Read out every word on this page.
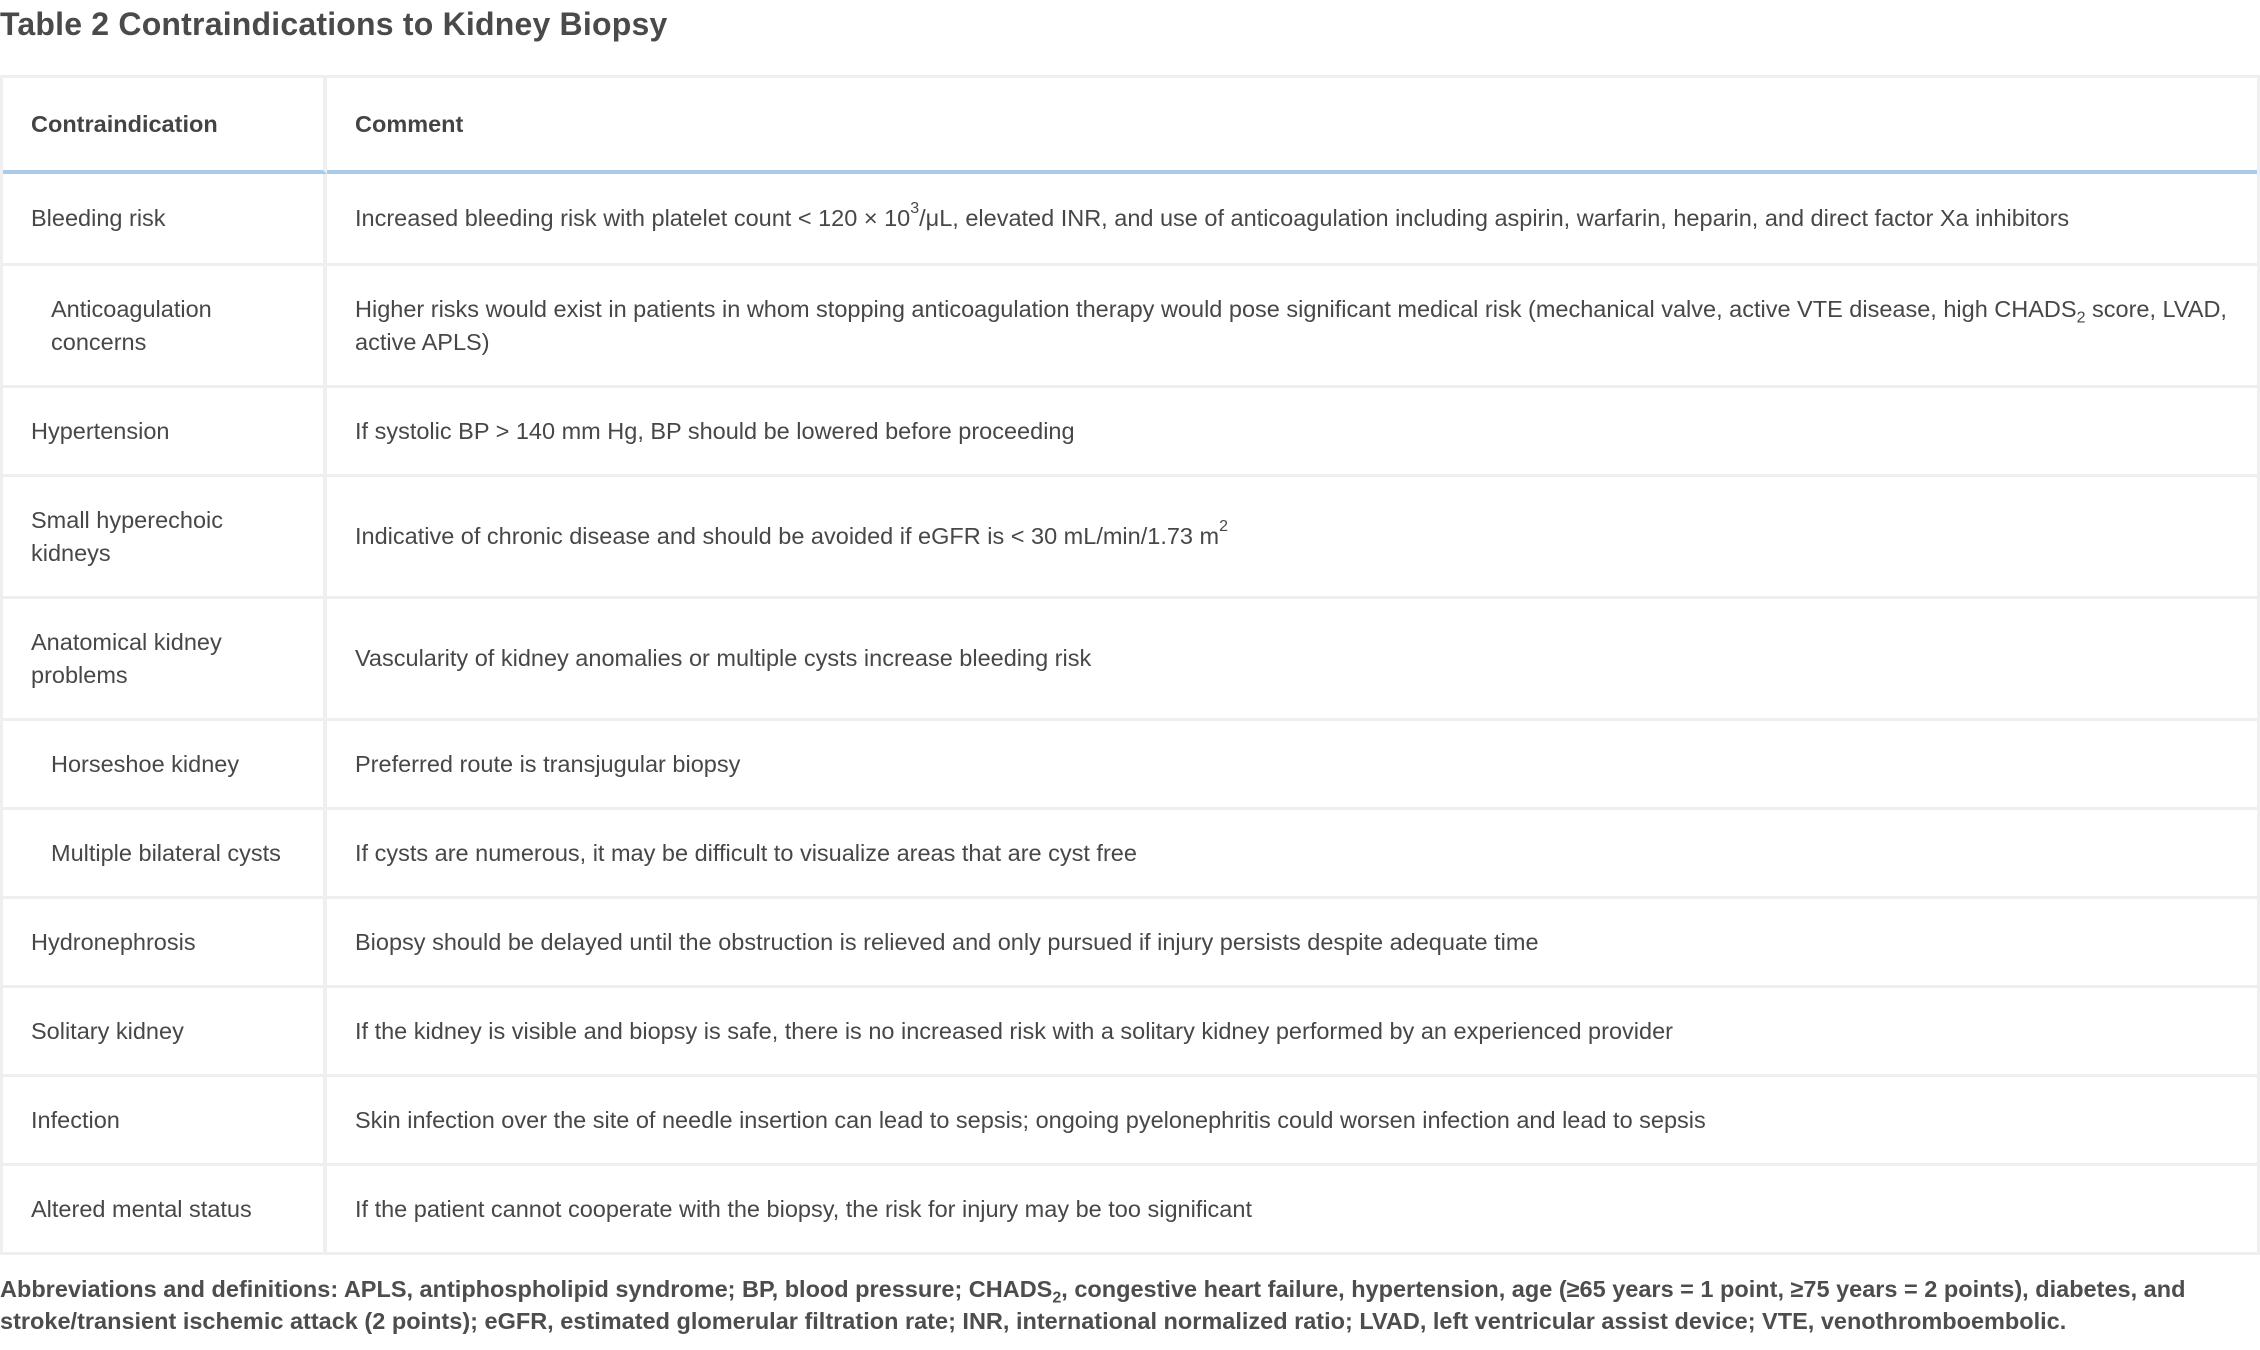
Table 2 Contraindications to Kidney Biopsy
Contraindication	Comment
Bleeding risk	Increased bleeding risk with platelet count < $120 \times 10^3/\mu L$, elevated INR, and use of anticoagulation including aspirin, warfarin, heparin, and direct factor Xa inhibitors
Anticoagulation concerns	Higher risks would exist in patients in whom stopping anticoagulation therapy would pose significant medical risk (mechanical valve, active VTE disease, high $CHADS_2$ score, LVAD, active APLS)
Hypertension	If systolic BP > 140 mm Hg, BP should be lowered before proceeding
Small hyperechoic kidneys	Indicative of chronic disease and should be avoided if eGFR is < 30 mL/min/1.73 $m^2$
Anatomical kidney problems	Vascularity of kidney anomalies or multiple cysts increase bleeding risk
Horseshoe kidney	Preferred route is transjugular biopsy
Multiple bilateral cysts	If cysts are numerous, it may be difficult to visualize areas that are cyst free
Hydronephrosis	Biopsy should be delayed until the obstruction is relieved and only pursued if injury persists despite adequate time
Solitary kidney	If the kidney is visible and biopsy is safe, there is no increased risk with a solitary kidney performed by an experienced provider
Infection	Skin infection over the site of needle insertion can lead to sepsis; ongoing pyelonephritis could worsen infection and lead to sepsis
Altered mental status	If the patient cannot cooperate with the biopsy, the risk for injury may be too significant

Abbreviations and definitions: APLS, antiphospholipid syndrome; BP, blood pressure; $CHADS_2$, congestive heart failure, hypertension, age (≥65 years = 1 point, ≥75 years = 2 points), diabetes, and stroke/transient ischemic attack (2 points); eGFR, estimated glomerular filtration rate; INR, international normalized ratio; LVAD, left ventricular assist device; VTE, venothromboembolic.
